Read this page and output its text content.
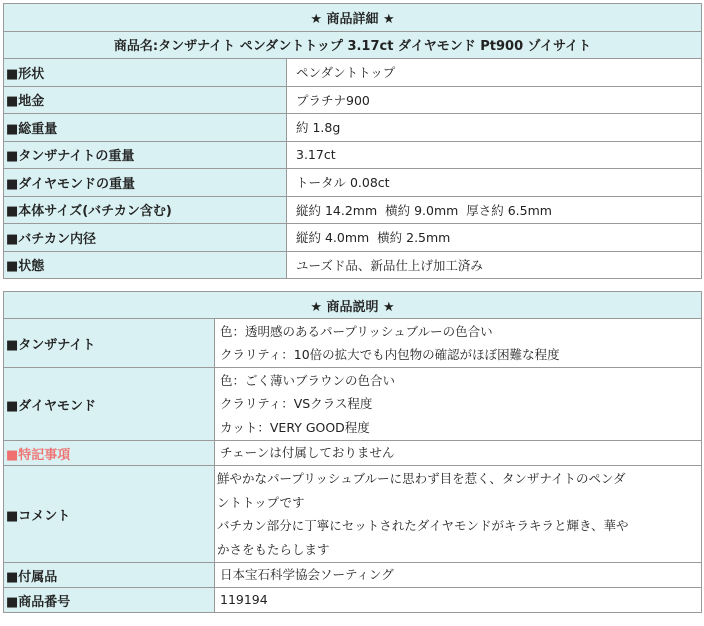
★ 商品詳細 ★	
商品名:タンザナイト ペンダントトップ 3.17ct ダイヤモンド Pt900 ゾイサイト	
■形状	ペンダントトップ
■地金	プラチナ900
■総重量	約 1.8g
■タンザナイトの重量	3.17ct
■ダイヤモンドの重量	トータル 0.08ct
■本体サイズ(バチカン含む)	縦約 14.2mm  横約 9.0mm  厚さ約 6.5mm
■バチカン内径	縦約 4.0mm  横約 2.5mm
■状態	ユーズド品、新品仕上げ加工済み
★ 商品説明 ★	
■タンザナイト	色：透明感のあるパープリッシュブルーの色合い
クラリティ：10倍の拡大でも内包物の確認がほぼ困難な程度

■ダイヤモンド	色：ごく薄いブラウンの色合い
クラリティ：VSクラス程度
カット：VERY GOOD程度

■特記事項	チェーンは付属しておりません
■コメント	鮮やかなパープリッシュブルーに思わず目を惹く、タンザナイトのペンダ
ントトップです
バチカン部分に丁寧にセットされたダイヤモンドがキラキラと輝き、華や
かさをもたらします

■付属品	日本宝石科学協会ソーティング
■商品番号	119194
